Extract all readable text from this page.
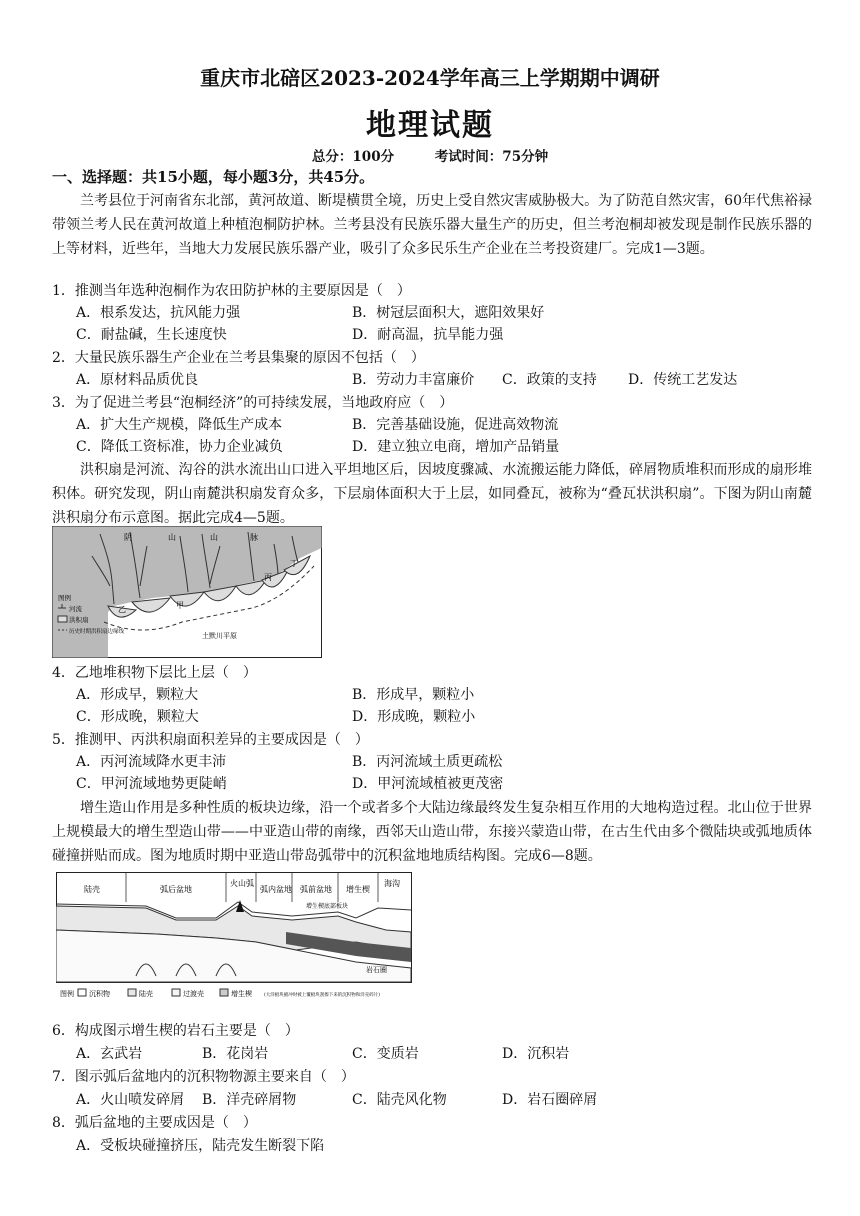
重庆市北碚区2023-2024学年高三上学期期中调研
地理试题
总分：100分	考试时间：75分钟
一、选择题：共15小题，每小题3分，共45分。
兰考县位于河南省东北部，黄河故道、断堤横贯全境，历史上受自然灾害威胁极大。为了防范自然灾害，60年代焦裕禄带领兰考人民在黄河故道上种植泡桐防护林。兰考县没有民族乐器大量生产的历史，但兰考泡桐却被发现是制作民族乐器的上等材料，近些年，当地大力发展民族乐器产业，吸引了众多民乐生产企业在兰考投资建厂。完成1—3题。
1．推测当年选种泡桐作为农田防护林的主要原因是（　）
A．根系发达，抗风能力强	B．树冠层面积大，遮阳效果好
C．耐盐碱，生长速度快	D．耐高温，抗旱能力强
2．大量民族乐器生产企业在兰考县集聚的原因不包括（　）
A．原材料品质优良	B．劳动力丰富廉价 C．政策的支持 D．传统工艺发达
3．为了促进兰考县“泡桐经济”的可持续发展，当地政府应（　）
A．扩大生产规模，降低生产成本	B．完善基础设施，促进高效物流
C．降低工资标准，协力企业减负	D．建立独立电商，增加产品销量
洪积扇是河流、沟谷的洪水流出山口进入平坦地区后，因坡度骤减、水流搬运能力降低，碎屑物质堆积而形成的扇形堆积体。研究发现，阴山南麓洪积扇发育众多，下层扇体面积大于上层，如同叠瓦，被称为“叠瓦状洪积扇”。下图为阴山南麓洪积扇分布示意图。据此完成4—5题。
阴	山	山	脉
乙	甲
丙
丁
土默川平原
图例
河流
洪积扇
历史时期洪积扇边缘线
4．乙地堆积物下层比上层（　）
A．形成早，颗粒大	B．形成早，颗粒小
C．形成晚，颗粒大	D．形成晚，颗粒小
5．推测甲、丙洪积扇面积差异的主要成因是（　）
A．丙河流域降水更丰沛	B．丙河流域土质更疏松
C．甲河流域地势更陡峭	D．甲河流域植被更茂密
增生造山作用是多种性质的板块边缘，沿一个或者多个大陆边缘最终发生复杂相互作用的大地构造过程。北山位于世界上规模最大的增生型造山带——中亚造山带的南缘，西邻天山造山带，东接兴蒙造山带，在古生代由多个微陆块或弧地质体碰撞拼贴而成。图为地质时期中亚造山带岛弧带中的沉积盆地地质结构图。完成6—8题。
陆壳	弧后盆地
火山弧
弧内盆地 弧前盆地 增生楔
海沟
增生楔底部板块
岩石圈
图例 沉积物	陆壳	过渡壳	增生楔	(大洋板块俯冲时被上覆板块刮擦下来的沉积物和洋壳碎片)
6．构成图示增生楔的岩石主要是（　）
A．玄武岩	B．花岗岩	C．变质岩	D．沉积岩
7．图示弧后盆地内的沉积物物源主要来自（　）
A．火山喷发碎屑 B．洋壳碎屑物	C．陆壳风化物	D．岩石圈碎屑
8．弧后盆地的主要成因是（　）
A．受板块碰撞挤压，陆壳发生断裂下陷
